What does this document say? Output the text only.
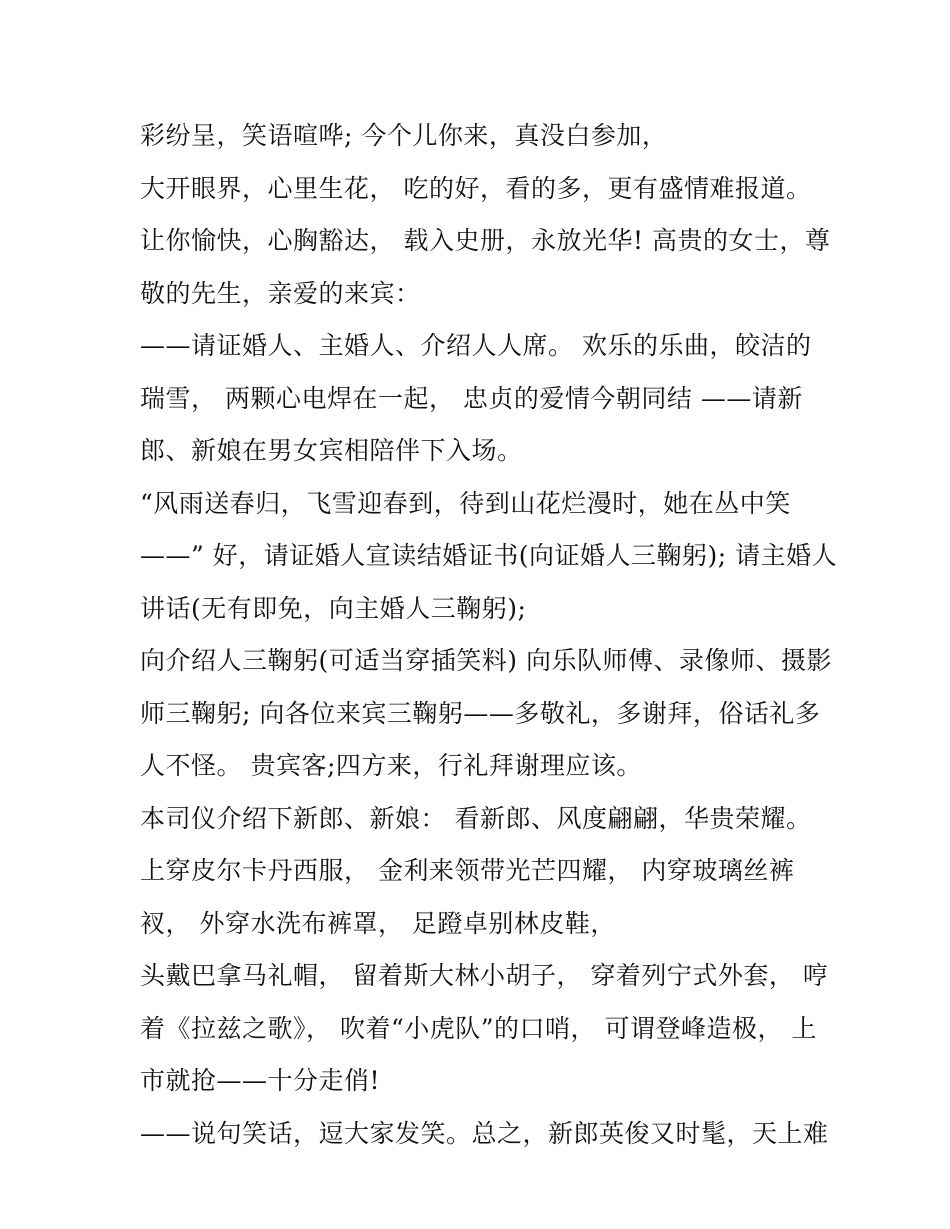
彩纷呈，笑语喧哗; 今个儿你来，真没白参加，
大开眼界，心里生花， 吃的好，看的多，更有盛情难报道。
让你愉快，心胸豁达， 载入史册，永放光华! 高贵的女士，尊
敬的先生，亲爱的来宾：
——请证婚人、主婚人、介绍人人席。 欢乐的乐曲，皎洁的
瑞雪， 两颗心电焊在一起， 忠贞的爱情今朝同结 ——请新
郎、新娘在男女宾相陪伴下入场。
“风雨送春归，飞雪迎春到，待到山花烂漫时，她在丛中笑
——” 好，请证婚人宣读结婚证书(向证婚人三鞠躬); 请主婚人
讲话(无有即免，向主婚人三鞠躬);
向介绍人三鞠躬(可适当穿插笑料) 向乐队师傅、录像师、摄影
师三鞠躬; 向各位来宾三鞠躬——多敬礼，多谢拜，俗话礼多
人不怪。 贵宾客;四方来，行礼拜谢理应该。
本司仪介绍下新郎、新娘： 看新郎、风度翩翩，华贵荣耀。
上穿皮尔卡丹西服， 金利来领带光芒四耀， 内穿玻璃丝裤
衩， 外穿水洗布裤罩， 足蹬卓别林皮鞋，
头戴巴拿马礼帽， 留着斯大林小胡子， 穿着列宁式外套， 哼
着《拉兹之歌》， 吹着“小虎队”的口哨， 可谓登峰造极， 上
市就抢——十分走俏!
——说句笑话，逗大家发笑。总之，新郎英俊又时髦，天上难
